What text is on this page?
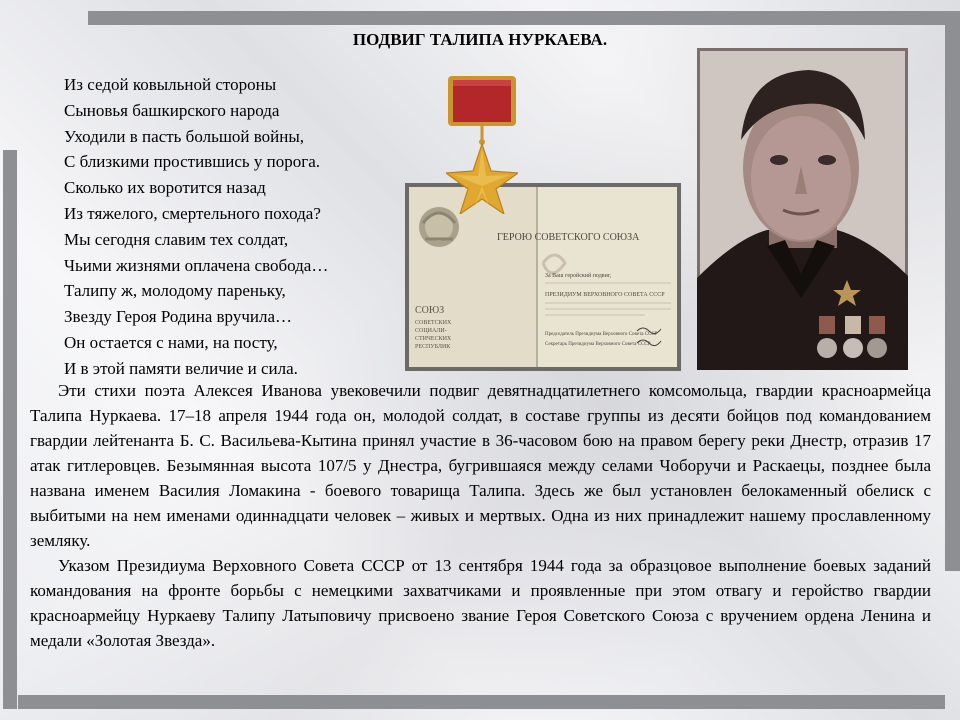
ПОДВИГ ТАЛИПА НУРКАЕВА.
Из седой ковыльной стороны
Сыновья башкирского народа
Уходили в пасть большой войны,
С близкими простившись у порога.
Сколько их воротится назад
Из тяжелого, смертельного похода?
Мы сегодня славим тех солдат,
Чьими жизнями оплачена свобода…
Талипу ж, молодому пареньку,
Звезду Героя Родина вручила…
Он остается с нами, на посту,
И в этой памяти величие и сила.
СОЮЗ
СОВЕТСКИХ
СОЦИАЛИ-
СТИЧЕСКИХ
РЕСПУБЛИК
ГЕРОЮ СОВЕТСКОГО СОЮЗА
За Ваш геройский подвиг,
ПРЕЗИДИУМ ВЕРХОВНОГО СОВЕТА СССР
Председатель Президиума Верховного Совета СССР
Секретарь Президиума Верховного Совета СССР

Эти стихи поэта Алексея Иванова увековечили подвиг девятнадцатилетнего комсомольца, гвардии красноармейца Талипа Нуркаева. 17–18 апреля 1944 года он, молодой солдат, в составе группы из десяти бойцов под командованием гвардии лейтенанта Б. С. Васильева-Кытина принял участие в 36-часовом бою на правом берегу реки Днестр, отразив 17 атак гитлеровцев. Безымянная высота 107/5 у Днестра, бугрившаяся между селами Чоборучи и Раскаецы, позднее была названа именем Василия Ломакина - боевого товарища Талипа. Здесь же был установлен белокаменный обелиск с выбитыми на нем именами одиннадцати человек – живых и мертвых. Одна из них принадлежит нашему прославленному земляку.

Указом Президиума Верховного Совета СССР от 13 сентября 1944 года за образцовое выполнение боевых заданий командования на фронте борьбы с немецкими захватчиками и проявленные при этом отвагу и геройство гвардии красноармейцу Нуркаеву Талипу Латыповичу присвоено звание Героя Советского Союза с вручением ордена Ленина и медали «Золотая Звезда».
